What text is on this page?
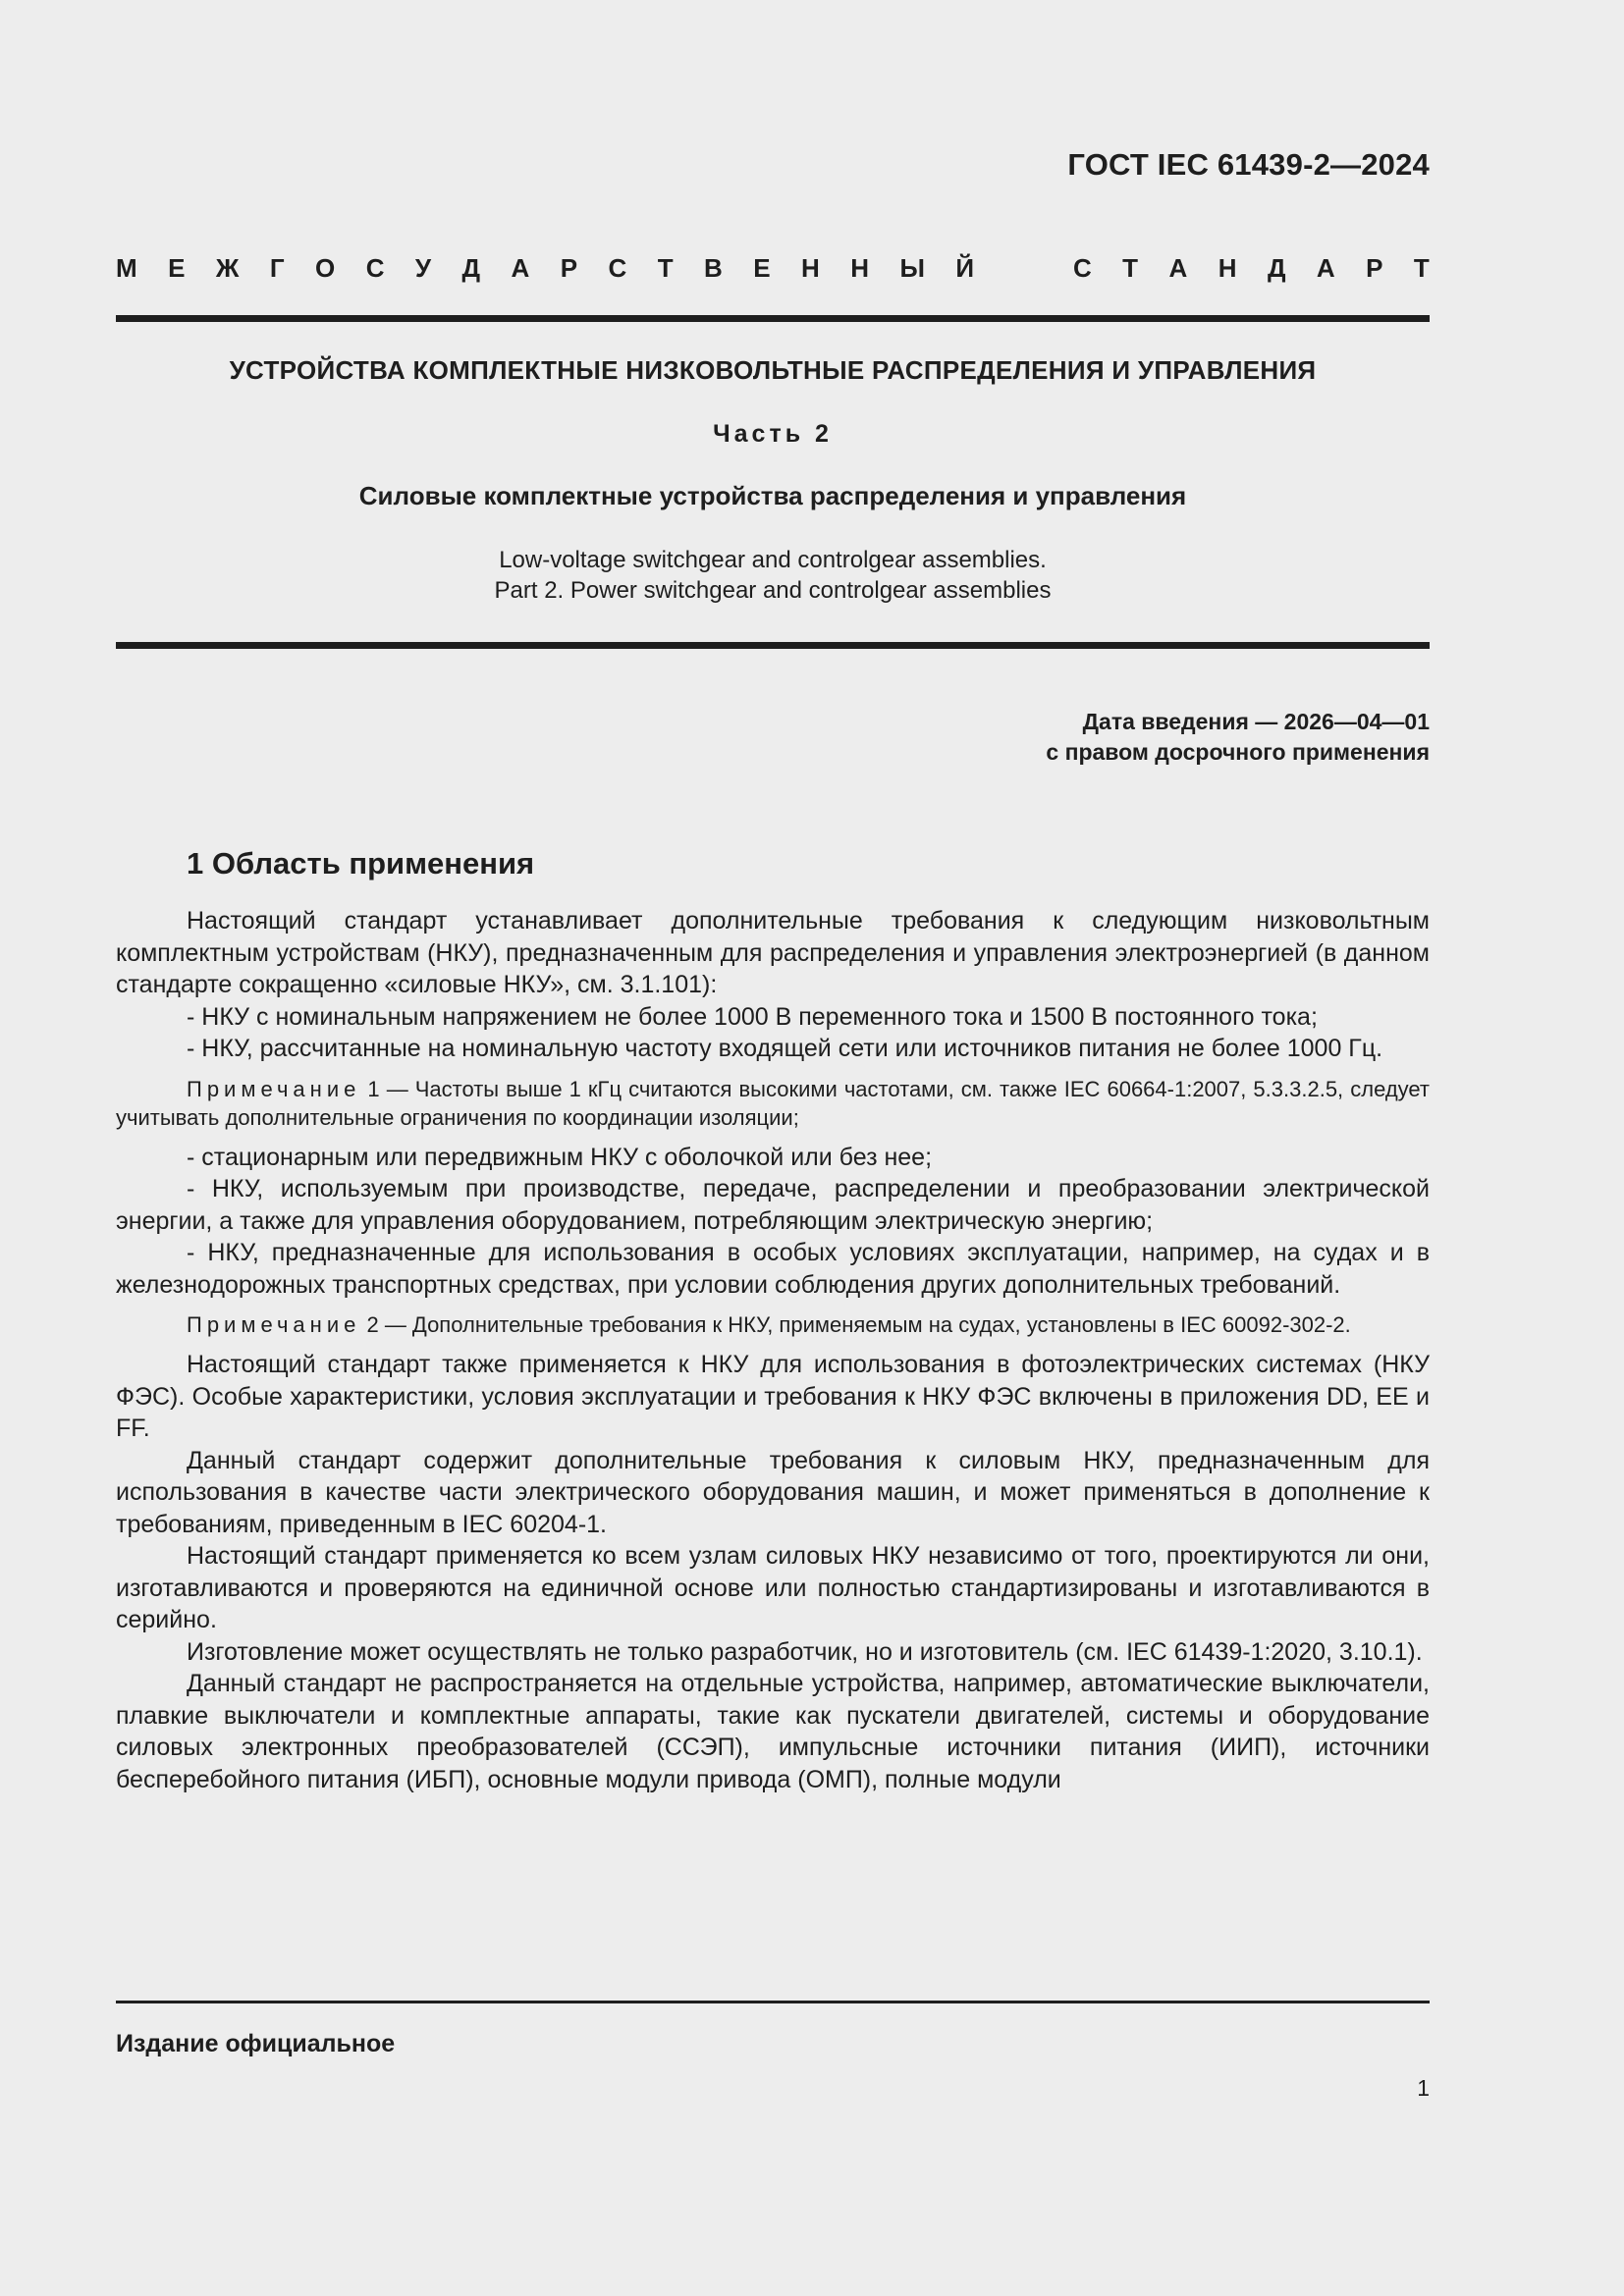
ГОСТ IEC 61439-2—2024
М Е Ж Г О С У Д А Р С Т В Е Н Н Ы Й	С Т А Н Д А Р Т
УСТРОЙСТВА КОМПЛЕКТНЫЕ НИЗКОВОЛЬТНЫЕ РАСПРЕДЕЛЕНИЯ И УПРАВЛЕНИЯ
Часть 2
Силовые комплектные устройства распределения и управления
Low-voltage switchgear and controlgear assemblies.
Part 2. Power switchgear and controlgear assemblies
Дата введения — 2026—04—01
с правом досрочного применения
1 Область применения

Настоящий стандарт устанавливает дополнительные требования к следующим низковольтным комплектным устройствам (НКУ), предназначенным для распределения и управления электроэнергией (в данном стандарте сокращенно «силовые НКУ», см. 3.1.101):

- НКУ с номинальным напряжением не более 1000 В переменного тока и 1500 В постоянного тока;

- НКУ, рассчитанные на номинальную частоту входящей сети или источников питания не более 1000 Гц.

Примечание 1 — Частоты выше 1 кГц считаются высокими частотами, см. также IEC 60664-1:2007, 5.3.3.2.5, следует учитывать дополнительные ограничения по координации изоляции;

- стационарным или передвижным НКУ с оболочкой или без нее;

- НКУ, используемым при производстве, передаче, распределении и преобразовании электрической энергии, а также для управления оборудованием, потребляющим электрическую энергию;

- НКУ, предназначенные для использования в особых условиях эксплуатации, например, на судах и в железнодорожных транспортных средствах, при условии соблюдения других дополнительных требований.

Примечание 2 — Дополнительные требования к НКУ, применяемым на судах, установлены в IEC 60092-302-2.

Настоящий стандарт также применяется к НКУ для использования в фотоэлектрических системах (НКУ ФЭС). Особые характеристики, условия эксплуатации и требования к НКУ ФЭС включены в приложения DD, EE и FF.

Данный стандарт содержит дополнительные требования к силовым НКУ, предназначенным для использования в качестве части электрического оборудования машин, и может применяться в дополнение к требованиям, приведенным в IEC 60204-1.

Настоящий стандарт применяется ко всем узлам силовых НКУ независимо от того, проектируются ли они, изготавливаются и проверяются на единичной основе или полностью стандартизированы и изготавливаются в серийно.

Изготовление может осуществлять не только разработчик, но и изготовитель (см. IEC 61439-1:2020, 3.10.1).

Данный стандарт не распространяется на отдельные устройства, например, автоматические выключатели, плавкие выключатели и комплектные аппараты, такие как пускатели двигателей, системы и оборудование силовых электронных преобразователей (ССЭП), импульсные источники питания (ИИП), источники бесперебойного питания (ИБП), основные модули привода (ОМП), полные модули

Издание официальное
1
